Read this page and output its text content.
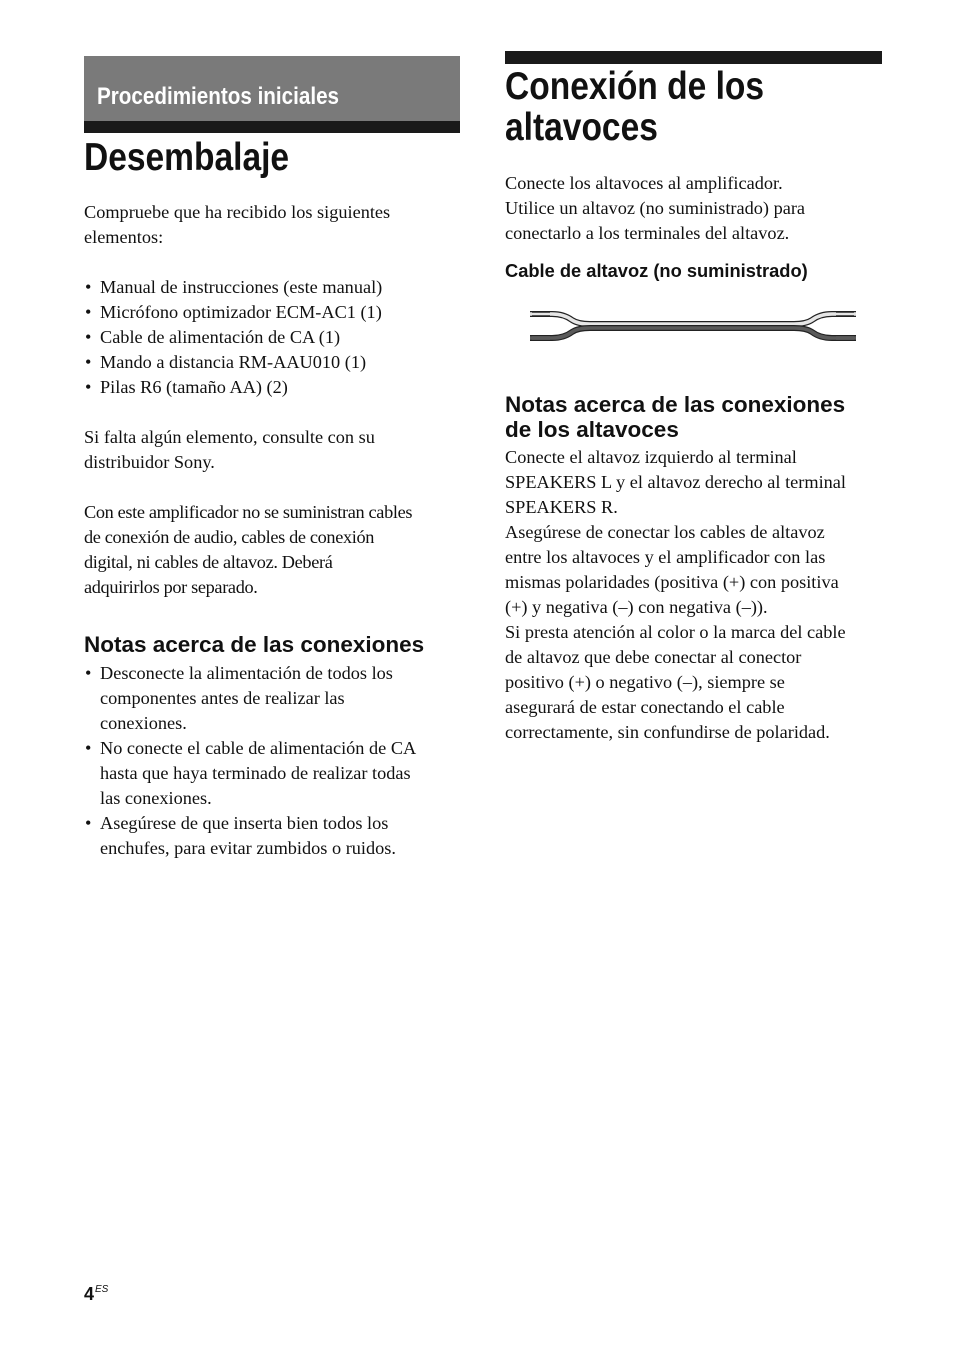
Procedimientos iniciales
Desembalaje

Compruebe que ha recibido los siguientes
elementos:

• Manual de instrucciones (este manual)
• Micrófono optimizador ECM-AC1 (1)
• Cable de alimentación de CA (1)
• Mando a distancia RM-AAU010 (1)
• Pilas R6 (tamaño AA) (2)

Si falta algún elemento, consulte con su
distribuidor Sony.

Con este amplificador no se suministran cables
de conexión de audio, cables de conexión
digital, ni cables de altavoz. Deberá
adquirirlos por separado.

Notas acerca de las conexiones
• Desconecte la alimentación de todos los
componentes antes de realizar las
conexiones.
• No conecte el cable de alimentación de CA
hasta que haya terminado de realizar todas
las conexiones.
• Asegúrese de que inserta bien todos los
enchufes, para evitar zumbidos o ruidos.
Conexión de los
altavoces

Conecte los altavoces al amplificador.
Utilice un altavoz (no suministrado) para
conectarlo a los terminales del altavoz.

Cable de altavoz (no suministrado)
Notas acerca de las conexiones
de los altavoces

Conecte el altavoz izquierdo al terminal
SPEAKERS L y el altavoz derecho al terminal
SPEAKERS R.
Asegúrese de conectar los cables de altavoz
entre los altavoces y el amplificador con las
mismas polaridades (positiva (+) con positiva
(+) y negativa (–) con negativa (–)).
Si presta atención al color o la marca del cable
de altavoz que debe conectar al conector
positivo (+) o negativo (–), siempre se
asegurará de estar conectando el cable
correctamente, sin confundirse de polaridad.

$4^{ES}$
